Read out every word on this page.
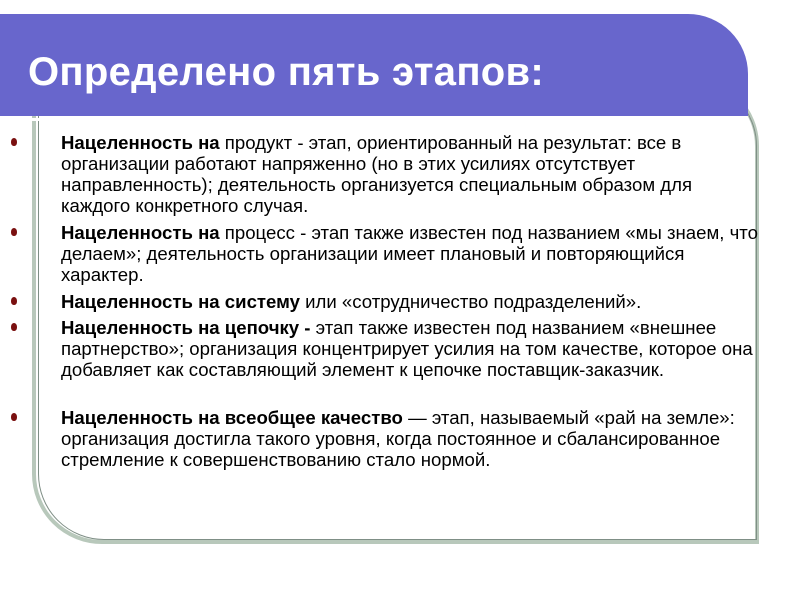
Определено пять этапов:
Нацеленность на продукт - этап, ориентированный на результат: все в организации работают напряженно (но в этих усилиях отсутствует направленность); деятельность организуется специальным образом для каждого конкретного случая.
Нацеленность на процесс - этап также известен под названием «мы знаем, что делаем»; деятельность организации имеет плановый и повторяющийся характер.
Нацеленность на систему или «сотрудничество подразделений».
Нацеленность на цепочку - этап также известен под названием «внешнее партнерство»; организация концентрирует усилия на том качестве, которое она добавляет как составляющий элемент к цепочке поставщик-заказчик.
Нацеленность на всеобщее качество — этап, называемый «рай на земле»: организация достигла такого уровня, когда постоянное и сбалансированное стремление к совершенствованию стало нормой.
